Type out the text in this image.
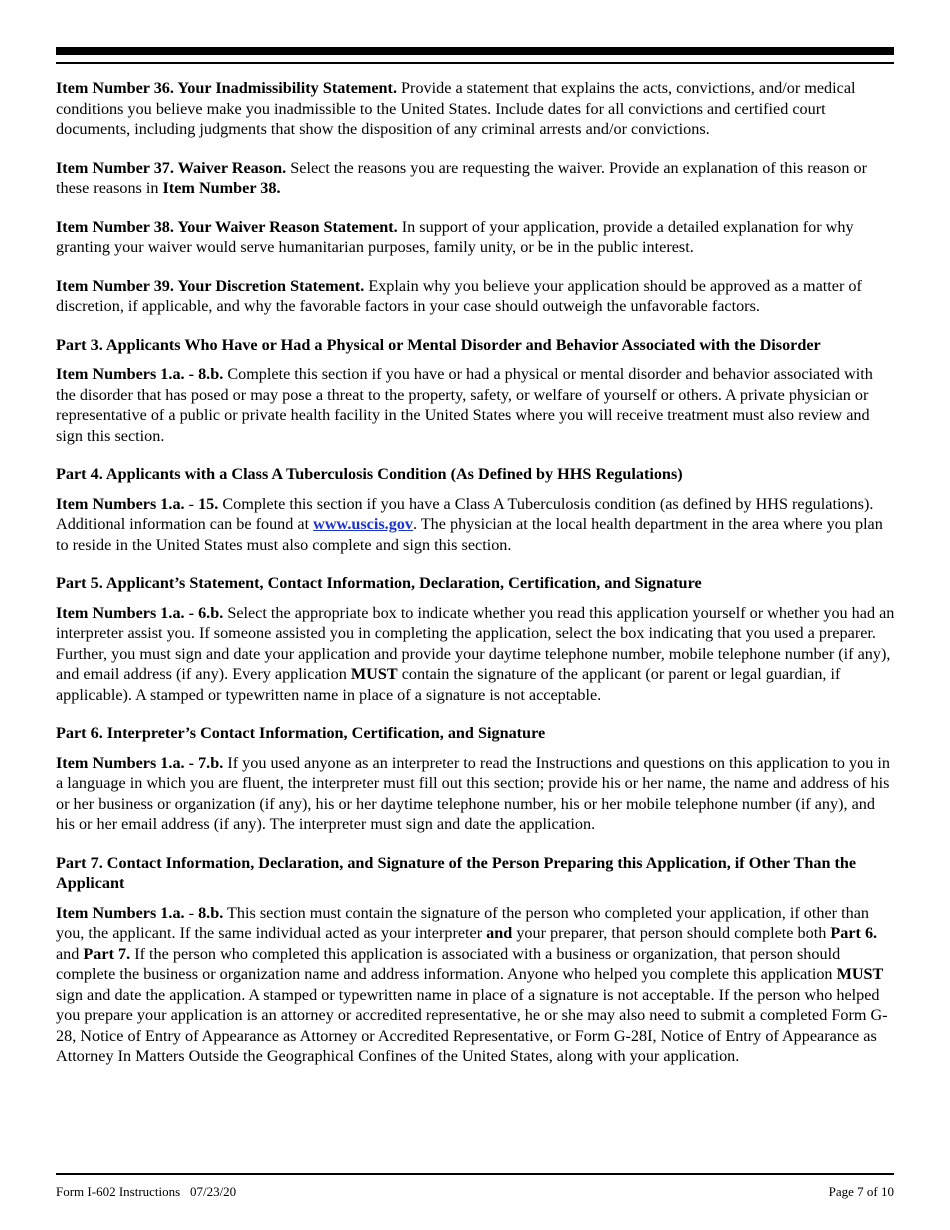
Item Number 36. Your Inadmissibility Statement. Provide a statement that explains the acts, convictions, and/or medical conditions you believe make you inadmissible to the United States. Include dates for all convictions and certified court documents, including judgments that show the disposition of any criminal arrests and/or convictions.

Item Number 37. Waiver Reason. Select the reasons you are requesting the waiver. Provide an explanation of this reason or these reasons in Item Number 38.

Item Number 38. Your Waiver Reason Statement. In support of your application, provide a detailed explanation for why granting your waiver would serve humanitarian purposes, family unity, or be in the public interest.

Item Number 39. Your Discretion Statement. Explain why you believe your application should be approved as a matter of discretion, if applicable, and why the favorable factors in your case should outweigh the unfavorable factors.

Part 3. Applicants Who Have or Had a Physical or Mental Disorder and Behavior Associated with the Disorder

Item Numbers 1.a. - 8.b. Complete this section if you have or had a physical or mental disorder and behavior associated with the disorder that has posed or may pose a threat to the property, safety, or welfare of yourself or others. A private physician or representative of a public or private health facility in the United States where you will receive treatment must also review and sign this section.

Part 4. Applicants with a Class A Tuberculosis Condition (As Defined by HHS Regulations)

Item Numbers 1.a. - 15. Complete this section if you have a Class A Tuberculosis condition (as defined by HHS regulations). Additional information can be found at www.uscis.gov. The physician at the local health department in the area where you plan to reside in the United States must also complete and sign this section.

Part 5. Applicant’s Statement, Contact Information, Declaration, Certification, and Signature

Item Numbers 1.a. - 6.b. Select the appropriate box to indicate whether you read this application yourself or whether you had an interpreter assist you. If someone assisted you in completing the application, select the box indicating that you used a preparer. Further, you must sign and date your application and provide your daytime telephone number, mobile telephone number (if any), and email address (if any). Every application MUST contain the signature of the applicant (or parent or legal guardian, if applicable). A stamped or typewritten name in place of a signature is not acceptable.

Part 6. Interpreter’s Contact Information, Certification, and Signature

Item Numbers 1.a. - 7.b. If you used anyone as an interpreter to read the Instructions and questions on this application to you in a language in which you are fluent, the interpreter must fill out this section; provide his or her name, the name and address of his or her business or organization (if any), his or her daytime telephone number, his or her mobile telephone number (if any), and his or her email address (if any). The interpreter must sign and date the application.

Part 7. Contact Information, Declaration, and Signature of the Person Preparing this Application, if Other Than the Applicant

Item Numbers 1.a. - 8.b. This section must contain the signature of the person who completed your application, if other than you, the applicant. If the same individual acted as your interpreter and your preparer, that person should complete both Part 6. and Part 7. If the person who completed this application is associated with a business or organization, that person should complete the business or organization name and address information. Anyone who helped you complete this application MUST sign and date the application. A stamped or typewritten name in place of a signature is not acceptable. If the person who helped you prepare your application is an attorney or accredited representative, he or she may also need to submit a completed Form G-28, Notice of Entry of Appearance as Attorney or Accredited Representative, or Form G-28I, Notice of Entry of Appearance as Attorney In Matters Outside the Geographical Confines of the United States, along with your application.

Form I-602 Instructions   07/23/20	Page 7 of 10
